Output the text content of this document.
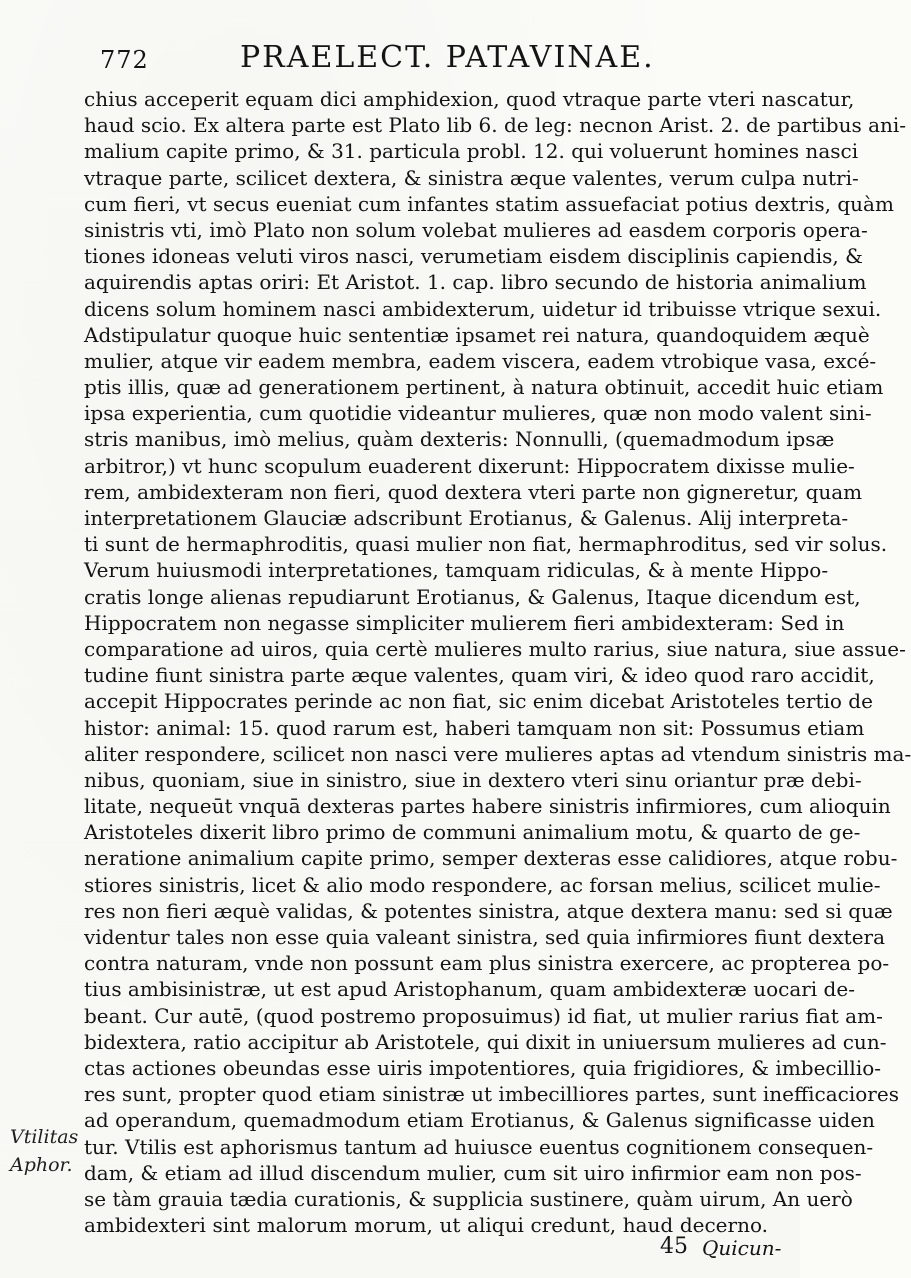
772	PRAELECT. PATAVINAE.
chius acceperit equam dici amphidexion, quod vtraque parte vteri nascatur,
haud scio. Ex altera parte est Plato lib 6. de leg: necnon Arist. 2. de partibus ani-
malium capite primo, & 31. particula probl. 12. qui voluerunt homines nasci
vtraque parte, scilicet dextera, & sinistra æque valentes, verum culpa nutri-
cum fieri, vt secus eueniat cum infantes statim assuefaciat potius dextris, quàm
sinistris vti, imò Plato non solum volebat mulieres ad easdem corporis opera-
tiones idoneas veluti viros nasci, verumetiam eisdem disciplinis capiendis, &
aquirendis aptas oriri: Et Aristot. 1. cap. libro secundo de historia animalium
dicens solum hominem nasci ambidexterum, uidetur id tribuisse vtrique sexui.
Adstipulatur quoque huic sententiæ ipsamet rei natura, quandoquidem æquè
mulier, atque vir eadem membra, eadem viscera, eadem vtrobique vasa, excé-
ptis illis, quæ ad generationem pertinent, à natura obtinuit, accedit huic etiam
ipsa experientia, cum quotidie videantur mulieres, quæ non modo valent sini-
stris manibus, imò melius, quàm dexteris: Nonnulli, (quemadmodum ipsæ
arbitror,) vt hunc scopulum euaderent dixerunt: Hippocratem dixisse mulie-
rem, ambidexteram non fieri, quod dextera vteri parte non gigneretur, quam
interpretationem Glauciæ adscribunt Erotianus, & Galenus. Alij interpreta-
ti sunt de hermaphroditis, quasi mulier non fiat, hermaphroditus, sed vir solus.
Verum huiusmodi interpretationes, tamquam ridiculas, & à mente Hippo-
cratis longe alienas repudiarunt Erotianus, & Galenus, Itaque dicendum est,
Hippocratem non negasse simpliciter mulierem fieri ambidexteram: Sed in
comparatione ad uiros, quia certè mulieres multo rarius, siue natura, siue assue-
tudine fiunt sinistra parte æque valentes, quam viri, & ideo quod raro accidit,
accepit Hippocrates perinde ac non fiat, sic enim dicebat Aristoteles tertio de
histor: animal: 15. quod rarum est, haberi tamquam non sit: Possumus etiam
aliter respondere, scilicet non nasci vere mulieres aptas ad vtendum sinistris ma-
nibus, quoniam, siue in sinistro, siue in dextero vteri sinu oriantur præ debi-
litate, nequeūt vnquā dexteras partes habere sinistris infirmiores, cum alioquin
Aristoteles dixerit libro primo de communi animalium motu, & quarto de ge-
neratione animalium capite primo, semper dexteras esse calidiores, atque robu-
stiores sinistris, licet & alio modo respondere, ac forsan melius, scilicet mulie-
res non fieri æquè validas, & potentes sinistra, atque dextera manu: sed si quæ
videntur tales non esse quia valeant sinistra, sed quia infirmiores fiunt dextera
contra naturam, vnde non possunt eam plus sinistra exercere, ac propterea po-
tius ambisinistræ, ut est apud Aristophanum, quam ambidexteræ uocari de-
beant. Cur autē, (quod postremo proposuimus) id fiat, ut mulier rarius fiat am-
bidextera, ratio accipitur ab Aristotele, qui dixit in uniuersum mulieres ad cun-
ctas actiones obeundas esse uiris impotentiores, quia frigidiores, & imbecillio-
res sunt, propter quod etiam sinistræ ut imbecilliores partes, sunt inefficaciores
ad operandum, quemadmodum etiam Erotianus, & Galenus significasse uiden
tur. Vtilis est aphorismus tantum ad huiusce euentus cognitionem consequen-
dam, & etiam ad illud discendum mulier, cum sit uiro infirmior eam non pos-
se tàm grauia tædia curationis, & supplicia sustinere, quàm uirum, An uerò
ambidexteri sint malorum morum, ut aliqui credunt, haud decerno.
Vtilitas
Aphor.
45 Quicun-
